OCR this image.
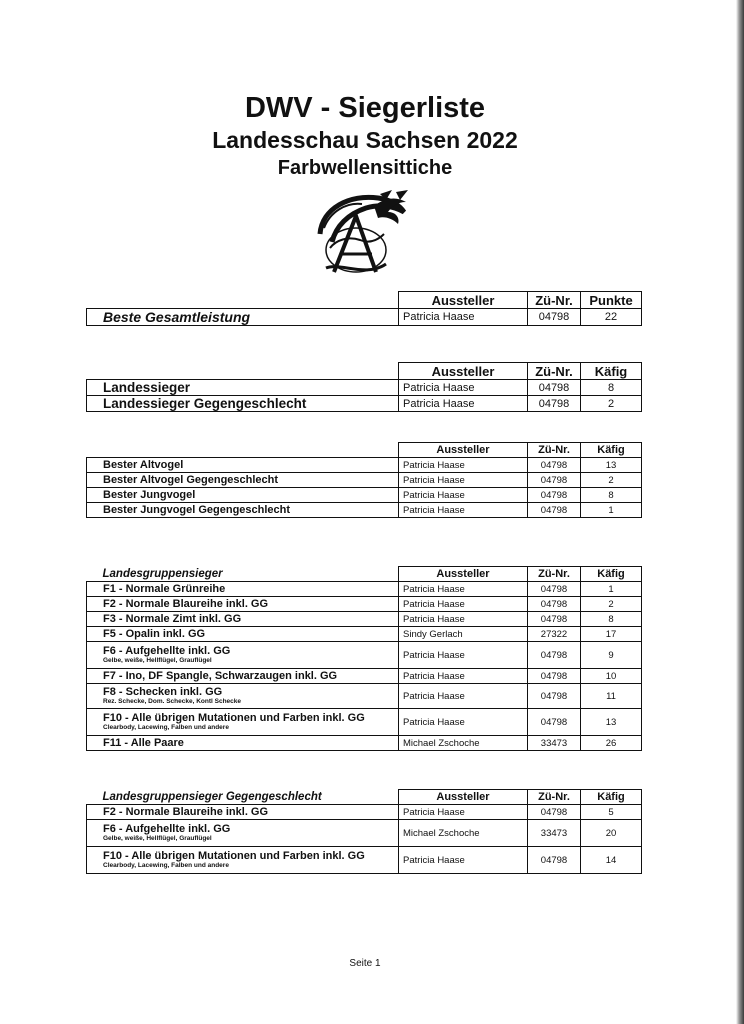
DWV - Siegerliste
Landesschau Sachsen 2022
Farbwellensittiche
	Aussteller	Zü-Nr.	Punkte
Beste Gesamtleistung	Patricia Haase	04798	22
	Aussteller	Zü-Nr.	Käfig
Landessieger	Patricia Haase	04798	8
Landessieger Gegengeschlecht	Patricia Haase	04798	2
	Aussteller	Zü-Nr.	Käfig
Bester Altvogel	Patricia Haase	04798	13
Bester Altvogel Gegengeschlecht	Patricia Haase	04798	2
Bester Jungvogel	Patricia Haase	04798	8
Bester Jungvogel Gegengeschlecht	Patricia Haase	04798	1
Landesgruppensieger	Aussteller	Zü-Nr.	Käfig
F1 - Normale Grünreihe	Patricia Haase	04798	1
F2 - Normale Blaureihe inkl. GG	Patricia Haase	04798	2
F3 - Normale Zimt inkl. GG	Patricia Haase	04798	8
F5 - Opalin inkl. GG	Sindy Gerlach	27322	17
F6 - Aufgehellte inkl. GG
Gelbe, weiße, Hellflügel, Grauflügel	Patricia Haase	04798	9
F7 - Ino, DF Spangle, Schwarzaugen inkl. GG	Patricia Haase	04798	10
F8 - Schecken inkl. GG
Rez. Schecke, Dom. Schecke, Kontl Schecke	Patricia Haase	04798	11
F10 - Alle übrigen Mutationen und Farben inkl. GG
Clearbody, Lacewing, Falben und andere	Patricia Haase	04798	13
F11 - Alle Paare	Michael Zschoche	33473	26
Landesgruppensieger Gegengeschlecht	Aussteller	Zü-Nr.	Käfig
F2 - Normale Blaureihe inkl. GG	Patricia Haase	04798	5
F6 - Aufgehellte inkl. GG
Gelbe, weiße, Hellflügel, Grauflügel	Michael Zschoche	33473	20
F10 - Alle übrigen Mutationen und Farben inkl. GG
Clearbody, Lacewing, Falben und andere	Patricia Haase	04798	14
Seite 1
